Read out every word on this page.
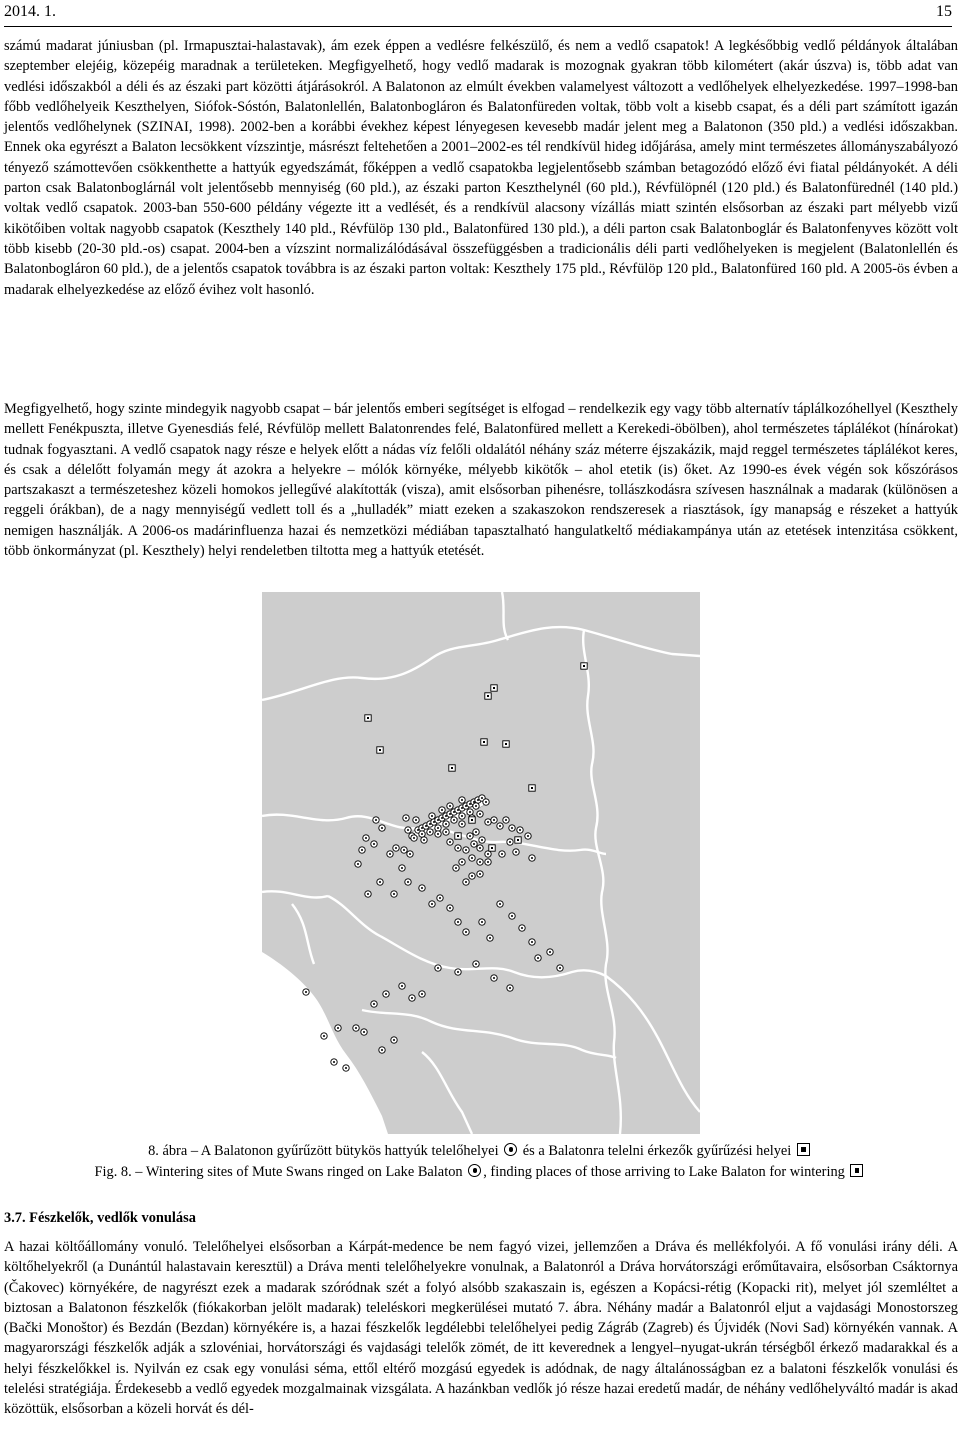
2014. 1.	15

számú madarat júniusban (pl. Irmapusztai-halastavak), ám ezek éppen a vedlésre felkészülő, és nem a vedlő csapatok! A legkésőbbig vedlő példányok általában szeptember elejéig, közepéig maradnak a területeken. Megfigyelhető, hogy vedlő madarak is mozognak gyakran több kilométert (akár úszva) is, több adat van vedlési időszakból a déli és az északi part közötti átjárásokról. A Balatonon az elmúlt években valamelyest változott a vedlőhelyek elhelyezkedése. 1997–1998-ban főbb vedlőhelyeik Keszthelyen, Siófok-Sóstón, Balatonlellén, Balatonbogláron és Balatonfüreden voltak, több volt a kisebb csapat, és a déli part számított igazán jelentős vedlőhelynek (SZINAI, 1998). 2002-ben a korábbi évekhez képest lényegesen kevesebb madár jelent meg a Balatonon (350 pld.) a vedlési időszakban. Ennek oka egyrészt a Balaton lecsökkent vízszintje, másrészt feltehetően a 2001–2002-es tél rendkívül hideg időjárása, amely mint természetes állományszabályozó tényező számottevően csökkenthette a hattyúk egyedszámát, főképpen a vedlő csapatokba legjelentősebb számban betagozódó előző évi fiatal példányokét. A déli parton csak Balatonboglárnál volt jelentősebb mennyiség (60 pld.), az északi parton Keszthelynél (60 pld.), Révfülöpnél (120 pld.) és Balatonfürednél (140 pld.) voltak vedlő csapatok. 2003-ban 550-600 példány végezte itt a vedlését, és a rendkívül alacsony vízállás miatt szintén elsősorban az északi part mélyebb vizű kikötőiben voltak nagyobb csapatok (Keszthely 140 pld., Révfülöp 130 pld., Balatonfüred 130 pld.), a déli parton csak Balatonboglár és Balatonfenyves között volt több kisebb (20-30 pld.-os) csapat. 2004-ben a vízszint normalizálódásával összefüggésben a tradicionális déli parti vedlőhelyeken is megjelent (Balatonlellén és Balatonbogláron 60 pld.), de a jelentős csapatok továbbra is az északi parton voltak: Keszthely 175 pld., Révfülöp 120 pld., Balatonfüred 160 pld. A 2005-ös évben a madarak elhelyezkedése az előző évihez volt hasonló.

Megfigyelhető, hogy szinte mindegyik nagyobb csapat – bár jelentős emberi segítséget is elfogad – rendelkezik egy vagy több alternatív táplálkozóhellyel (Keszthely mellett Fenékpuszta, illetve Gyenesdiás felé, Révfülöp mellett Balatonrendes felé, Balatonfüred mellett a Kerekedi-öbölben), ahol természetes táplálékot (hínárokat) tudnak fogyasztani. A vedlő csapatok nagy része e helyek előtt a nádas víz felőli oldalától néhány száz méterre éjszakázik, majd reggel természetes táplálékot keres, és csak a délelőtt folyamán megy át azokra a helyekre – mólók környéke, mélyebb kikötők – ahol etetik (is) őket. Az 1990-es évek végén sok kőszórásos partszakaszt a természeteshez közeli homokos jellegűvé alakították (visza), amit elsősorban pihenésre, tollászkodásra szívesen használnak a madarak (különösen a reggeli órákban), de a nagy mennyiségű vedlett toll és a „hulladék” miatt ezeken a szakaszokon rendszeresek a riasztások, így manapság e részeket a hattyúk nemigen használják. A 2006-os madárinfluenza hazai és nemzetközi médiában tapasztalható hangulatkeltő médiakampánya után az etetések intenzitása csökkent, több önkormányzat (pl. Keszthely) helyi rendeletben tiltotta meg a hattyúk etetését.

8. ábra – A Balatonon gyűrűzött bütykös hattyúk telelőhelyei és a Balatonra telelni érkezők gyűrűzési helyei
Fig. 8. – Wintering sites of Mute Swans ringed on Lake Balaton , finding places of those arriving to Lake Balaton for wintering
3.7. Fészkelők, vedlők vonulása

A hazai költőállomány vonuló. Telelőhelyei elsősorban a Kárpát-medence be nem fagyó vizei, jellemzően a Dráva és mellékfolyói. A fő vonulási irány déli. A költőhelyekről (a Dunántúl halastavain keresztül) a Dráva menti telelőhelyekre vonulnak, a Balatonról a Dráva horvátországi erőműtavaira, elsősorban Csáktornya (Čakovec) környékére, de nagyrészt ezek a madarak szóródnak szét a folyó alsóbb szakaszain is, egészen a Kopácsi-rétig (Kopacki rit), melyet jól szemléltet a biztosan a Balatonon fészkelők (fiókakorban jelölt madarak) teleléskori megkerülései mutató 7. ábra. Néhány madár a Balatonról eljut a vajdasági Monostorszeg (Bački Monoštor) és Bezdán (Bezdan) környékére is, a hazai fészkelők legdélebbi telelőhelyei pedig Zágráb (Zagreb) és Újvidék (Novi Sad) környékén vannak. A magyarországi fészkelők adják a szlovéniai, horvátországi és vajdasági telelők zömét, de itt keverednek a lengyel–nyugat-ukrán térségből érkező madarakkal és a helyi fészkelőkkel is. Nyilván ez csak egy vonulási séma, ettől eltérő mozgású egyedek is adódnak, de nagy általánosságban ez a balatoni fészkelők vonulási és telelési stratégiája. Érdekesebb a vedlő egyedek mozgalmainak vizsgálata. A hazánkban vedlők jó része hazai eredetű madár, de néhány vedlőhelyváltó madár is akad közöttük, elsősorban a közeli horvát és dél-
